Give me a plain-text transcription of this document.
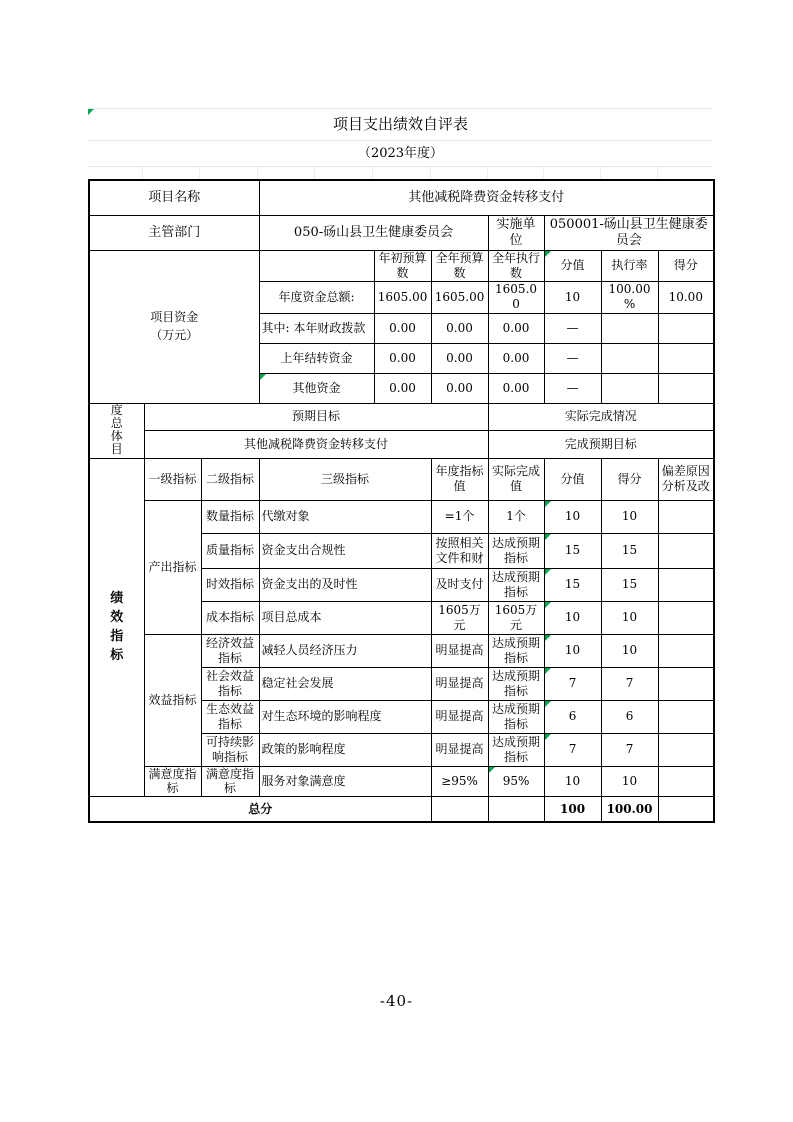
项目支出绩效自评表
（2023年度）
项目名称			其他减税降费资金转移支付						
主管部门			050-砀山县卫生健康委员会			实施单位	050001-砀山县卫生健康委员会		
项目资金（万元）				年初预算数	全年预算数	全年执行数	分值	执行率	得分
			年度资金总额:	1605.00	1605.00	1605.00	10	100.00%	10.00
			其中: 本年财政拨款	0.00	0.00	0.00	—		
			上年结转资金	0.00	0.00	0.00	—		
			其他资金	0.00	0.00	0.00	—		
度总体目	预期目标					实际完成情况			
	其他减税降费资金转移支付					完成预期目标			
绩效指标	一级指标	二级指标	三级指标		年度指标值	实际完成值	分值	得分	偏差原因分析及改
	产出指标	数量指标	代缴对象		=1个	1个	10	10	
		质量指标	资金支出合规性		按照相关文件和财	达成预期指标	15	15	
		时效指标	资金支出的及时性		及时支付	达成预期指标	15	15	
		成本指标	项目总成本		1605万元	1605万元	10	10	
	效益指标	经济效益指标	减轻人员经济压力		明显提高	达成预期指标	10	10	
		社会效益指标	稳定社会发展		明显提高	达成预期指标	7	7	
		生态效益指标	对生态环境的影响程度		明显提高	达成预期指标	6	6	
		可持续影响指标	政策的影响程度		明显提高	达成预期指标	7	7	
	满意度指标	满意度指标	服务对象满意度		≥95%	95%	10	10	
总分							100	100.00	
-40-
